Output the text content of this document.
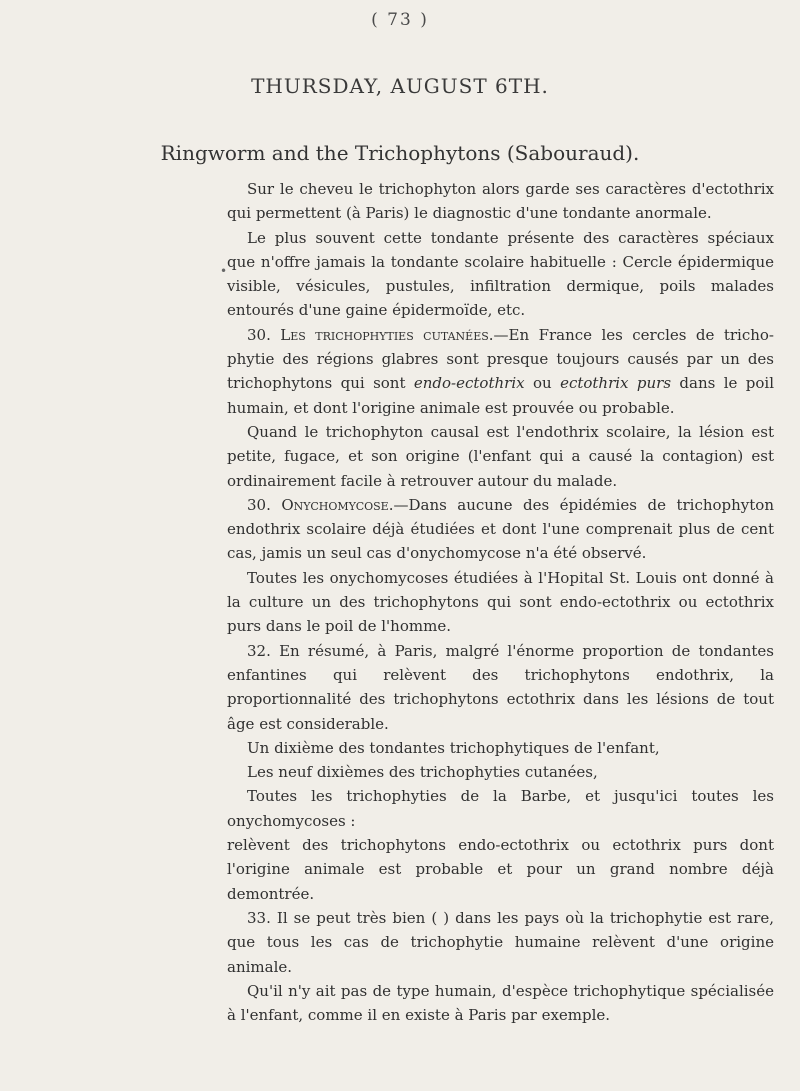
( 73 )
THURSDAY, AUGUST 6TH.
Ringworm and the Trichophytons (Sabouraud).
•

Sur le cheveu le trichophyton alors garde ses caractères d'ectothrix qui permettent (à Paris) le diagnostic d'une tondante anormale.

Le plus souvent cette tondante présente des caractères spéciaux que n'offre jamais la tondante scolaire habituelle : Cercle épidermique visible, vésicules, pustules, infiltration dermique, poils malades entourés d'une gaine épidermoïde, etc.

30. Les trichophyties cutanées.—En France les cercles de tricho-phytie des régions glabres sont presque toujours causés par un des trichophytons qui sont endo-ectothrix ou ectothrix purs dans le poil humain, et dont l'origine animale est prouvée ou probable.

Quand le trichophyton causal est l'endothrix scolaire, la lésion est petite, fugace, et son origine (l'enfant qui a causé la contagion) est ordinairement facile à retrouver autour du malade.

30. Onychomycose.—Dans aucune des épidémies de trichophyton endothrix scolaire déjà étudiées et dont l'une comprenait plus de cent cas, jamis un seul cas d'onychomycose n'a été observé.

Toutes les onychomycoses étudiées à l'Hopital St. Louis ont donné à la culture un des trichophytons qui sont endo-ectothrix ou ectothrix purs dans le poil de l'homme.

32. En résumé, à Paris, malgré l'énorme proportion de tondantes enfantines qui relèvent des trichophytons endothrix, la proportionnalité des trichophytons ectothrix dans les lésions de tout âge est considerable.

Un dixième des tondantes trichophytiques de l'enfant,

Les neuf dixièmes des trichophyties cutanées,

Toutes les trichophyties de la Barbe, et jusqu'ici toutes les onychomycoses :

relèvent des trichophytons endo-ectothrix ou ectothrix purs dont l'origine animale est probable et pour un grand nombre déjà demontrée.

33. Il se peut très bien ( ) dans les pays où la trichophytie est rare, que tous les cas de trichophytie humaine relèvent d'une origine animale.

Qu'il n'y ait pas de type humain, d'espèce trichophytique spécialisée à l'enfant, comme il en existe à Paris par exemple.
